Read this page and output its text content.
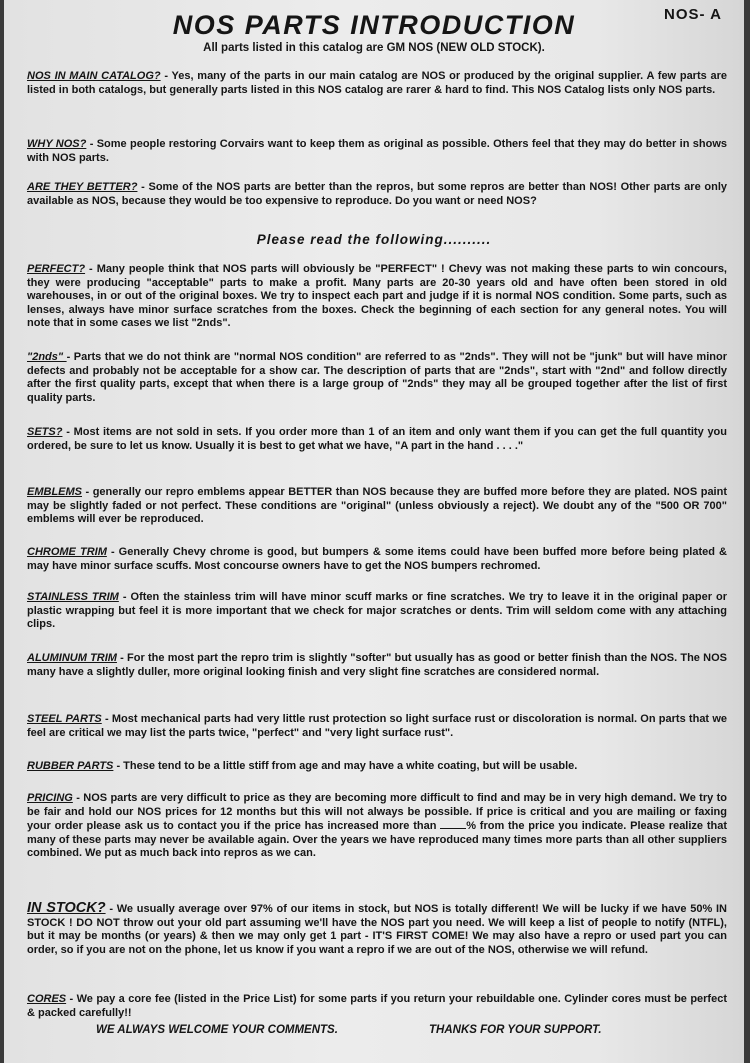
NOS- A
NOS PARTS INTRODUCTION
All parts listed in this catalog are GM NOS (NEW OLD STOCK).
NOS IN MAIN CATALOG? - Yes, many of the parts in our main catalog are NOS or produced by the original supplier. A few parts are listed in both catalogs, but generally parts listed in this NOS catalog are rarer & hard to find. This NOS Catalog lists only NOS parts.
WHY NOS? - Some people restoring Corvairs want to keep them as original as possible. Others feel that they may do better in shows with NOS parts.
ARE THEY BETTER? - Some of the NOS parts are better than the repros, but some repros are better than NOS! Other parts are only available as NOS, because they would be too expensive to reproduce. Do you want or need NOS?
Please read the following..........
PERFECT? - Many people think that NOS parts will obviously be "PERFECT" ! Chevy was not making these parts to win concours, they were producing "acceptable" parts to make a profit. Many parts are 20-30 years old and have often been stored in old warehouses, in or out of the original boxes. We try to inspect each part and judge if it is normal NOS condition. Some parts, such as lenses, always have minor surface scratches from the boxes. Check the beginning of each section for any general notes. You will note that in some cases we list "2nds".
"2nds" - Parts that we do not think are "normal NOS condition" are referred to as "2nds". They will not be "junk" but will have minor defects and probably not be acceptable for a show car. The description of parts that are "2nds", start with "2nd" and follow directly after the first quality parts, except that when there is a large group of "2nds" they may all be grouped together after the list of first quality parts.
SETS? - Most items are not sold in sets. If you order more than 1 of an item and only want them if you can get the full quantity you ordered, be sure to let us know. Usually it is best to get what we have, "A part in the hand . . . ."
EMBLEMS - generally our repro emblems appear BETTER than NOS because they are buffed more before they are plated. NOS paint may be slightly faded or not perfect. These conditions are "original" (unless obviously a reject). We doubt any of the "500 OR 700" emblems will ever be reproduced.
CHROME TRIM - Generally Chevy chrome is good, but bumpers & some items could have been buffed more before being plated & may have minor surface scuffs. Most concourse owners have to get the NOS bumpers rechromed.
STAINLESS TRIM - Often the stainless trim will have minor scuff marks or fine scratches. We try to leave it in the original paper or plastic wrapping but feel it is more important that we check for major scratches or dents. Trim will seldom come with any attaching clips.
ALUMINUM TRIM - For the most part the repro trim is slightly "softer" but usually has as good or better finish than the NOS. The NOS many have a slightly duller, more original looking finish and very slight fine scratches are considered normal.
STEEL PARTS - Most mechanical parts had very little rust protection so light surface rust or discoloration is normal. On parts that we feel are critical we may list the parts twice, "perfect" and "very light surface rust".
RUBBER PARTS - These tend to be a little stiff from age and may have a white coating, but will be usable.
PRICING - NOS parts are very difficult to price as they are becoming more difficult to find and may be in very high demand. We try to be fair and hold our NOS prices for 12 months but this will not always be possible. If price is critical and you are mailing or faxing your order please ask us to contact you if the price has increased more than % from the price you indicate. Please realize that many of these parts may never be available again. Over the years we have reproduced many times more parts than all other suppliers combined. We put as much back into repros as we can.
IN STOCK? - We usually average over 97% of our items in stock, but NOS is totally different! We will be lucky if we have 50% IN STOCK ! DO NOT throw out your old part assuming we'll have the NOS part you need. We will keep a list of people to notify (NTFL), but it may be months (or years) & then we may only get 1 part - IT'S FIRST COME! We may also have a repro or used part you can order, so if you are not on the phone, let us know if you want a repro if we are out of the NOS, otherwise we will refund.
CORES - We pay a core fee (listed in the Price List) for some parts if you return your rebuildable one. Cylinder cores must be perfect & packed carefully!!
WE ALWAYS WELCOME YOUR COMMENTS.	THANKS FOR YOUR SUPPORT.
